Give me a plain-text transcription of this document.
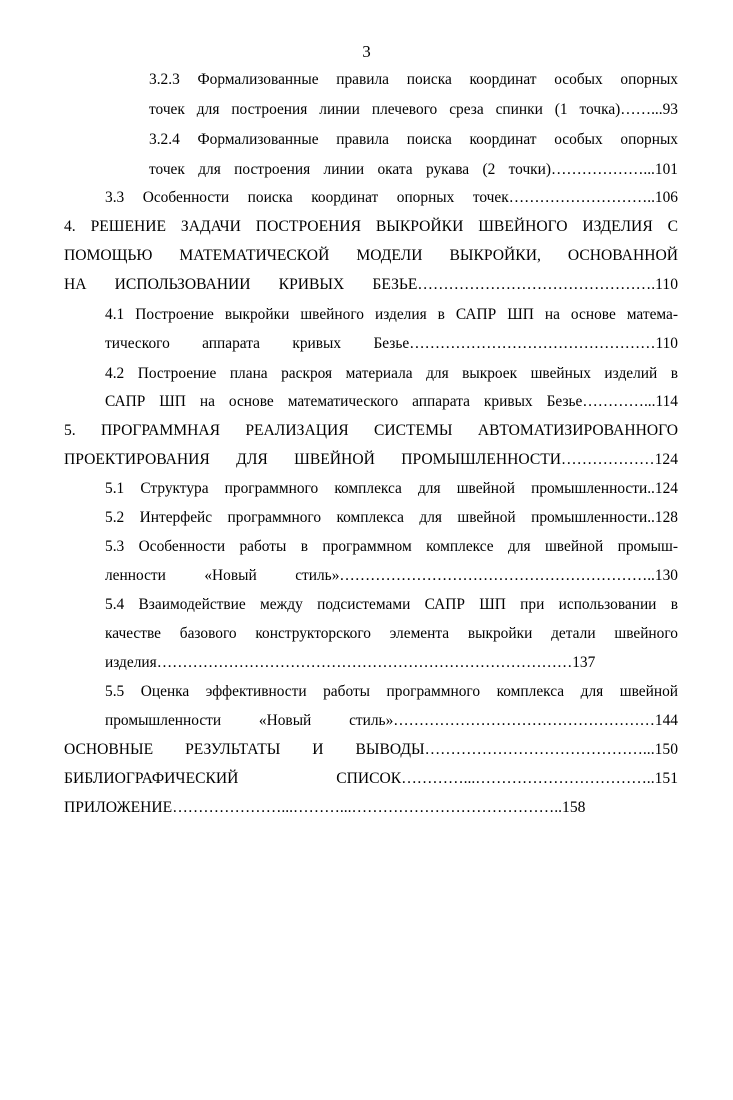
3
3.2.3 Формализованные правила поиска координат особых опорных
точек для построения линии плечевого среза спинки (1 точка)……...93
3.2.4 Формализованные правила поиска координат особых опорных
точек для построения линии оката рукава (2 точки)………………...101
3.3 Особенности поиска координат опорных точек………………………..106
4. РЕШЕНИЕ ЗАДАЧИ ПОСТРОЕНИЯ ВЫКРОЙКИ ШВЕЙНОГО ИЗДЕЛИЯ С
ПОМОЩЬЮ МАТЕМАТИЧЕСКОЙ МОДЕЛИ ВЫКРОЙКИ, ОСНОВАННОЙ
НА ИСПОЛЬЗОВАНИИ КРИВЫХ БЕЗЬЕ……………………………………….110
4.1 Построение выкройки швейного изделия в САПР ШП на основе матема-
тического аппарата кривых Безье…………………………………………110
4.2 Построение плана раскроя материала для выкроек швейных изделий в
САПР ШП на основе математического аппарата кривых Безье…………...114
5. ПРОГРАММНАЯ РЕАЛИЗАЦИЯ СИСТЕМЫ АВТОМАТИЗИРОВАННОГО
ПРОЕКТИРОВАНИЯ ДЛЯ ШВЕЙНОЙ ПРОМЫШЛЕННОСТИ………………124
5.1 Структура программного комплекса для швейной промышленности..124
5.2 Интерфейс программного комплекса для швейной промышленности..128
5.3 Особенности работы в программном комплексе для швейной промыш-
ленности «Новый стиль»……………………………………………………..130
5.4 Взаимодействие между подсистемами САПР ШП при использовании в
качестве базового конструкторского элемента выкройки детали швейного
изделия………………………………………………………………………137
5.5 Оценка эффективности работы программного комплекса для швейной
промышленности «Новый стиль»……………………………………………144
ОСНОВНЫЕ РЕЗУЛЬТАТЫ И ВЫВОДЫ……………………………………...150
БИБЛИОГРАФИЧЕСКИЙ СПИСОК…………...……………………………..151
ПРИЛОЖЕНИЕ…………………...………...…………………………………..158
